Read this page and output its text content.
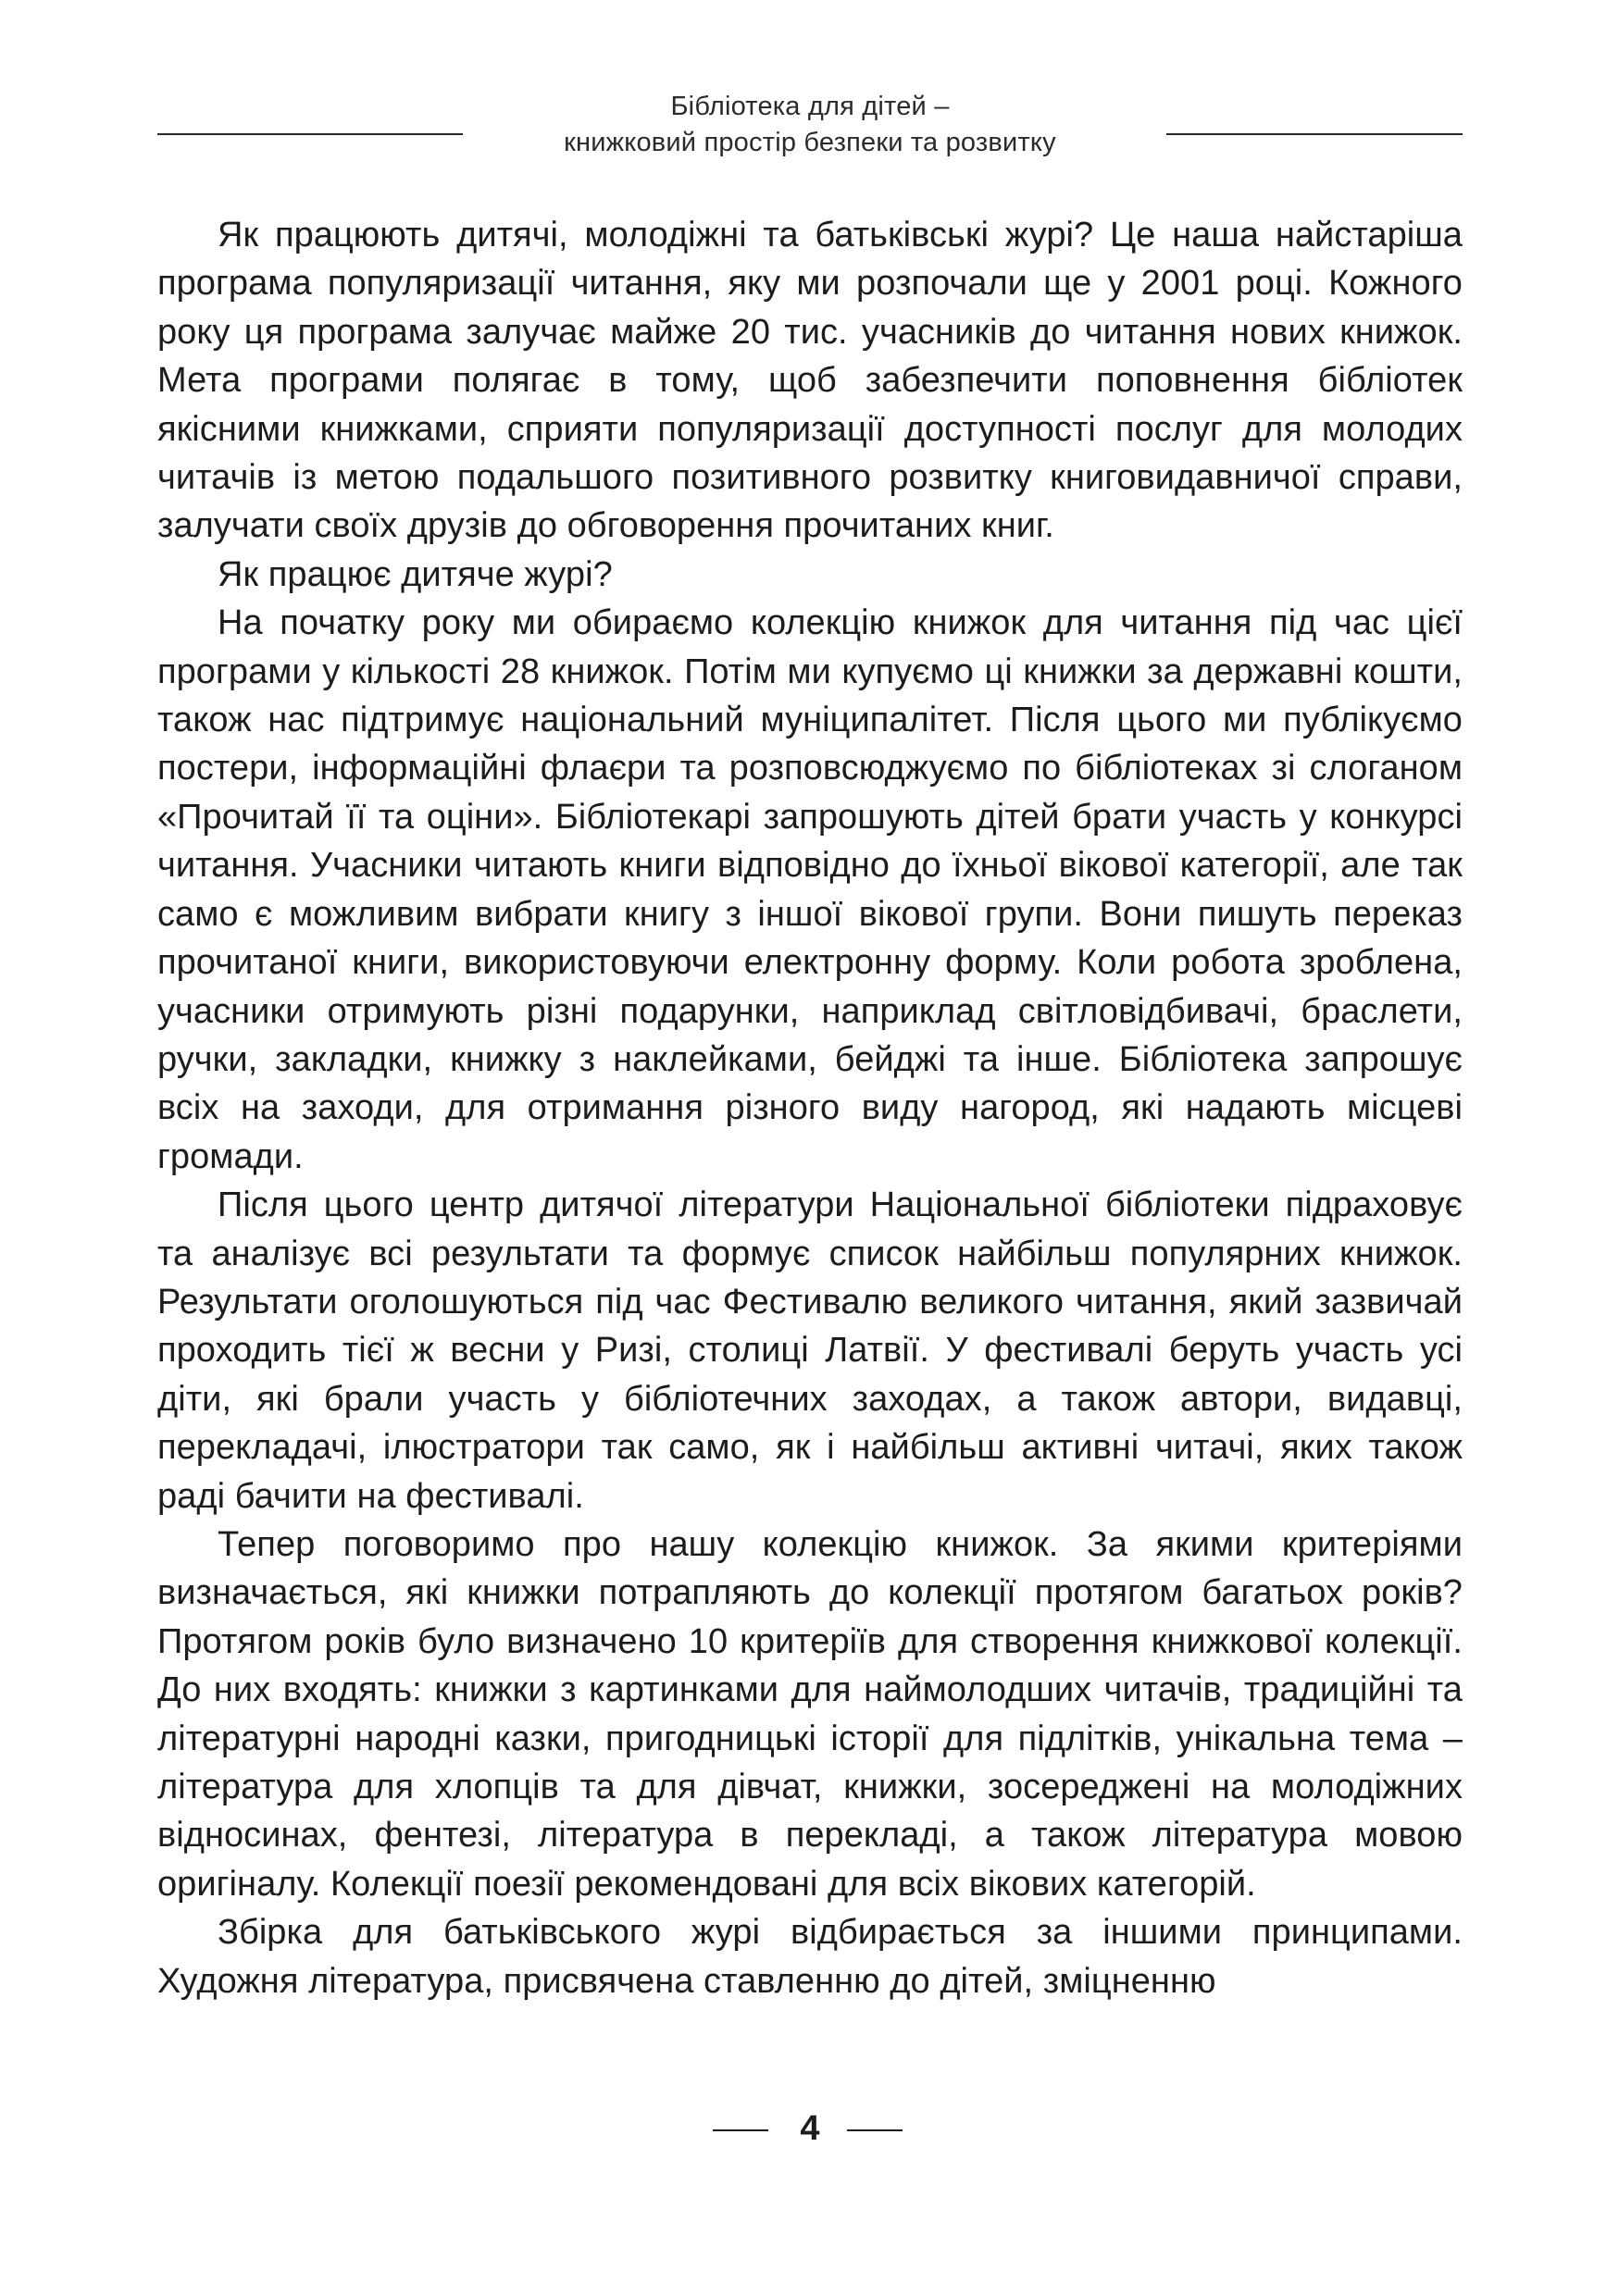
Бібліотека для дітей –
книжковий простір безпеки та розвитку

Як працюють дитячі, молодіжні та батьківські журі? Це наша найстаріша програма популяризації читання, яку ми розпочали ще у 2001 році. Кожного року ця програма залучає майже 20 тис. учасників до читання нових книжок. Мета програми полягає в тому, щоб забезпечити поповнення бібліотек якісними книжками, сприяти популяризації доступності послуг для молодих читачів із метою подальшого позитивного розвитку книговидавничої справи, залучати своїх друзів до обговорення прочитаних книг.

Як працює дитяче журі?

На початку року ми обираємо колекцію книжок для читання під час цієї програми у кількості 28 книжок. Потім ми купуємо ці книжки за державні кошти, також нас підтримує національний муніципалітет. Після цього ми публікуємо постери, інформаційні флаєри та розповсюджуємо по бібліотеках зі слоганом «Прочитай її та оціни». Бібліотекарі запрошують дітей брати участь у конкурсі читання. Учасники читають книги відповідно до їхньої вікової категорії, але так само є можливим вибрати книгу з іншої вікової групи. Вони пишуть переказ прочитаної книги, використовуючи електронну форму. Коли робота зроблена, учасники отримують різні подарунки, наприклад світловідбивачі, браслети, ручки, закладки, книжку з наклейками, бейджі та інше. Бібліотека запрошує всіх на заходи, для отримання різного виду нагород, які надають місцеві громади.

Після цього центр дитячої літератури Національної бібліотеки підраховує та аналізує всі результати та формує список найбільш популярних книжок. Результати оголошуються під час Фестивалю великого читання, який зазвичай проходить тієї ж весни у Ризі, столиці Латвії. У фестивалі беруть участь усі діти, які брали участь у бібліотечних заходах, а також автори, видавці, перекладачі, ілюстратори так само, як і найбільш активні читачі, яких також раді бачити на фестивалі.

Тепер поговоримо про нашу колекцію книжок. За якими критеріями визначається, які книжки потрапляють до колекції протягом багатьох років? Протягом років було визначено 10 критеріїв для створення книжкової колекції. До них входять: книжки з картинками для наймолодших читачів, традиційні та літературні народні казки, пригодницькі історії для підлітків, унікальна тема – література для хлопців та для дівчат, книжки, зосереджені на молодіжних відносинах, фентезі, література в перекладі, а також література мовою оригіналу. Колекції поезії рекомендовані для всіх вікових категорій.

Збірка для батьківського журі відбирається за іншими принципами. Художня література, присвячена ставленню до дітей, зміцненню

4
